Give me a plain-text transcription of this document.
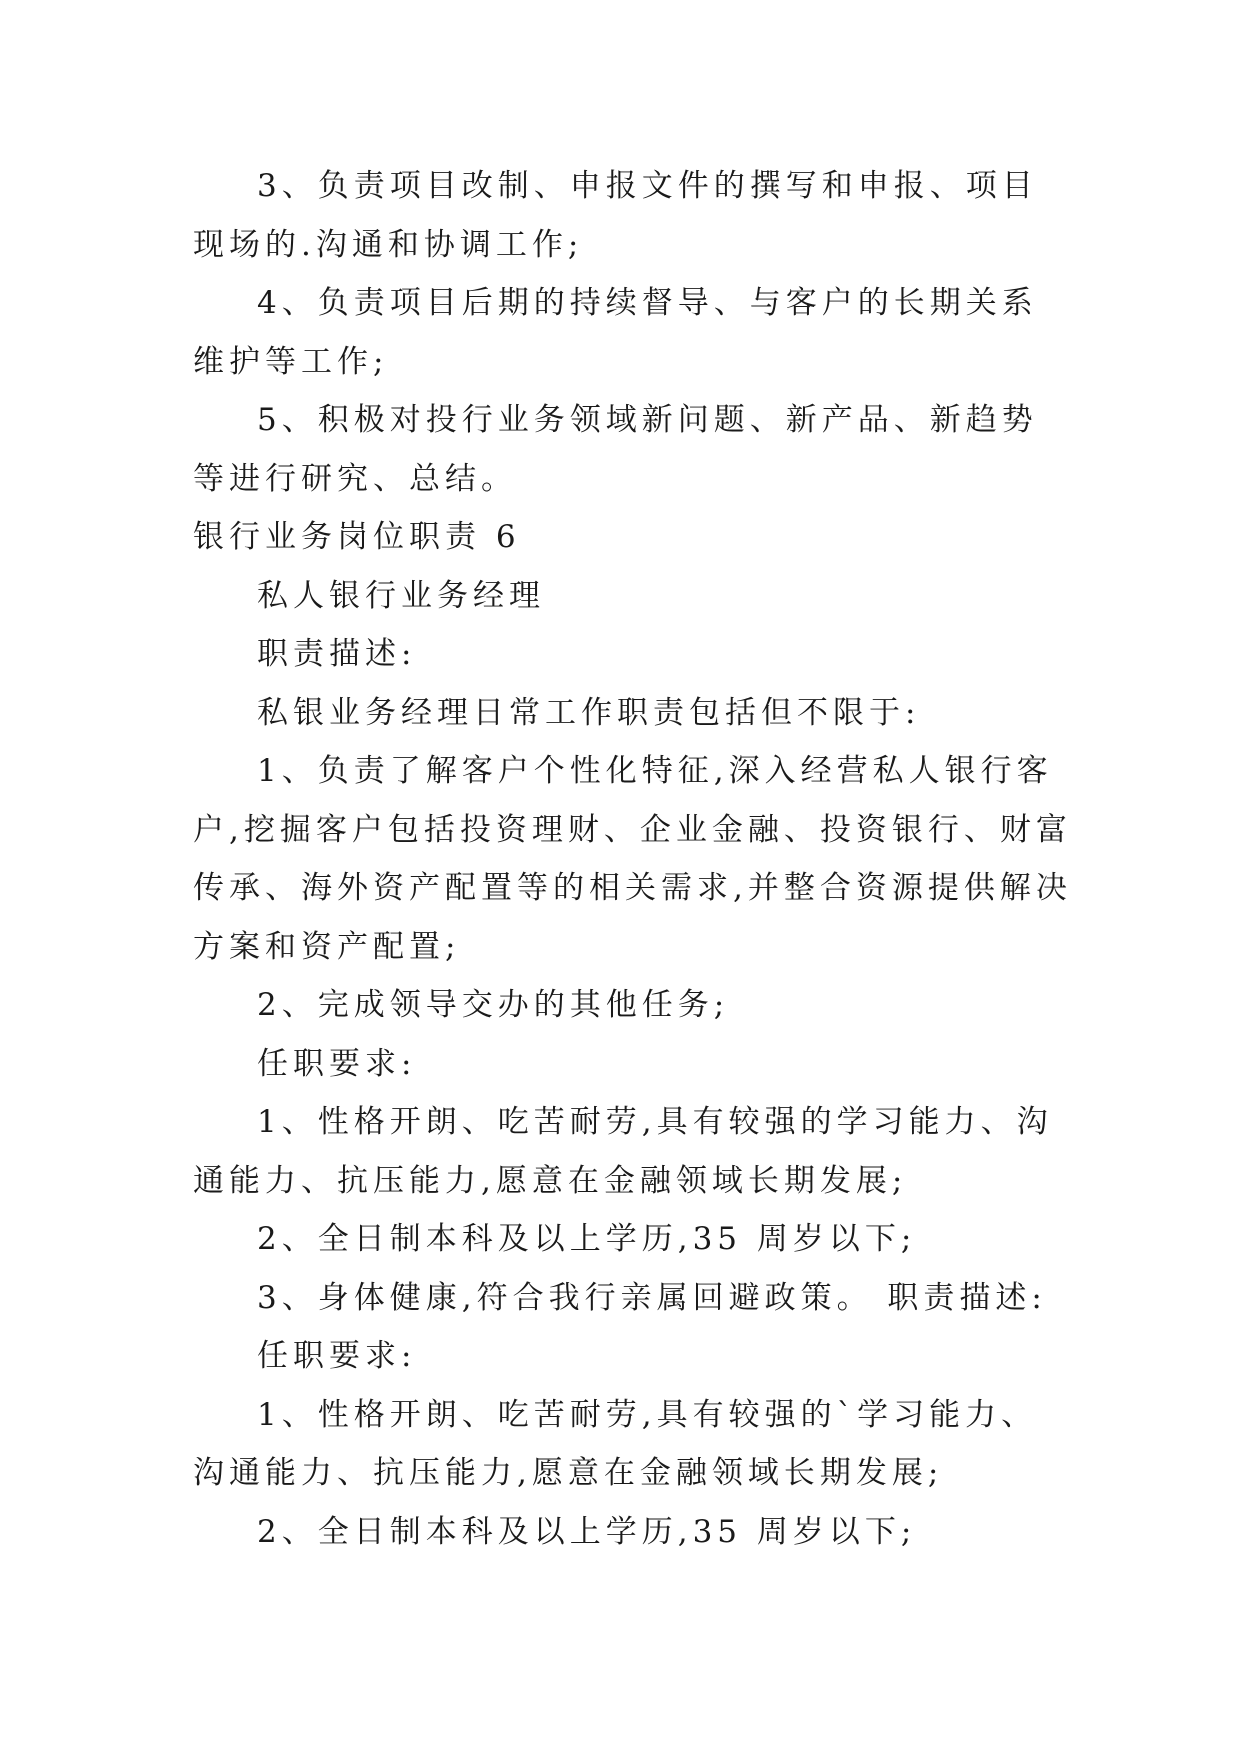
3、负责项目改制、申报文件的撰写和申报、项目现场的.沟通和协调工作;

4、负责项目后期的持续督导、与客户的长期关系维护等工作;

5、积极对投行业务领域新问题、新产品、新趋势等进行研究、总结。

银行业务岗位职责 6

私人银行业务经理

职责描述:

私银业务经理日常工作职责包括但不限于:

1、负责了解客户个性化特征,深入经营私人银行客户,挖掘客户包括投资理财、企业金融、投资银行、财富传承、海外资产配置等的相关需求,并整合资源提供解决方案和资产配置;

2、完成领导交办的其他任务;

任职要求:

1、性格开朗、吃苦耐劳,具有较强的学习能力、沟通能力、抗压能力,愿意在金融领域长期发展;

2、全日制本科及以上学历,35 周岁以下;

3、身体健康,符合我行亲属回避政策。 职责描述:

任职要求:

1、性格开朗、吃苦耐劳,具有较强的`学习能力、沟通能力、抗压能力,愿意在金融领域长期发展;

2、全日制本科及以上学历,35 周岁以下;
